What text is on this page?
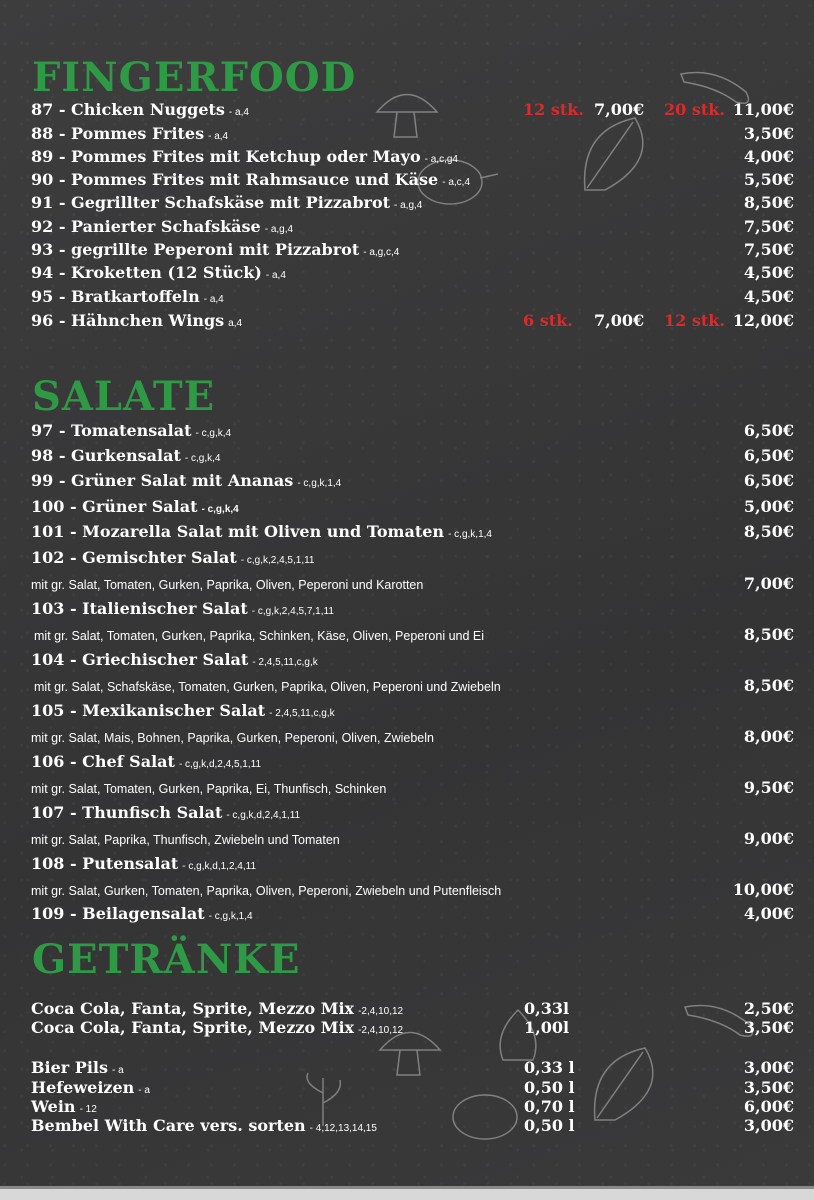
FINGERFOOD
87 - Chicken Nuggets - a,4	12 stk. 7,00€ 20 stk. 11,00€
88 - Pommes Frites - a,4	3,50€
89 - Pommes Frites mit Ketchup oder Mayo - a,c,g4	4,00€
90 - Pommes Frites mit Rahmsauce und Käse - a,c,4	5,50€
91 - Gegrillter Schafskäse mit Pizzabrot - a,g,4	8,50€
92 - Panierter Schafskäse - a,g,4	7,50€
93 - gegrillte Peperoni mit Pizzabrot - a,g,c,4	7,50€
94 - Kroketten (12 Stück) - a,4	4,50€
95 - Bratkartoffeln - a,4	4,50€
96 - Hähnchen Wings a,4	6 stk. 7,00€ 12 stk. 12,00€
SALATE
97 - Tomatensalat - c,g,k,4	6,50€
98 - Gurkensalat - c,g,k,4	6,50€
99 - Grüner Salat mit Ananas - c,g,k,1,4	6,50€
100 - Grüner Salat - c,g,k,4	5,00€
101 - Mozarella Salat mit Oliven und Tomaten - c,g,k,1,4	8,50€
102 - Gemischter Salat - c,g,k,2,4,5,1,11
mit gr. Salat, Tomaten, Gurken, Paprika, Oliven, Peperoni und Karotten	7,00€
103 - Italienischer Salat - c,g,k,2,4,5,7,1,11
mit gr. Salat, Tomaten, Gurken, Paprika, Schinken, Käse, Oliven, Peperoni und Ei	8,50€
104 - Griechischer Salat - 2,4,5,11,c,g,k
mit gr. Salat, Schafskäse, Tomaten, Gurken, Paprika, Oliven, Peperoni und Zwiebeln	8,50€
105 - Mexikanischer Salat - 2,4,5,11,c,g,k
mit gr. Salat, Mais, Bohnen, Paprika, Gurken, Peperoni, Oliven, Zwiebeln	8,00€
106 - Chef Salat - c,g,k,d,2,4,5,1,11
mit gr. Salat, Tomaten, Gurken, Paprika, Ei, Thunfisch, Schinken	9,50€
107 - Thunfisch Salat - c,g,k,d,2,4,1,11
mit gr. Salat, Paprika, Thunfisch, Zwiebeln und Tomaten	9,00€
108 - Putensalat - c,g,k,d,1,2,4,11
mit gr. Salat, Gurken, Tomaten, Paprika, Oliven, Peperoni, Zwiebeln und Putenfleisch	10,00€
109 - Beilagensalat - c,g,k,1,4	4,00€
GETRÄNKE
Coca Cola, Fanta, Sprite, Mezzo Mix -2,4,10,12	0,33l	2,50€
Coca Cola, Fanta, Sprite, Mezzo Mix -2,4,10,12	1,00l	3,50€
Bier Pils - a	0,33 l	3,00€
Hefeweizen - a	0,50 l	3,50€
Wein - 12	0,70 l	6,00€
Bembel With Care vers. sorten - 4,12,13,14,15	0,50 l	3,00€
